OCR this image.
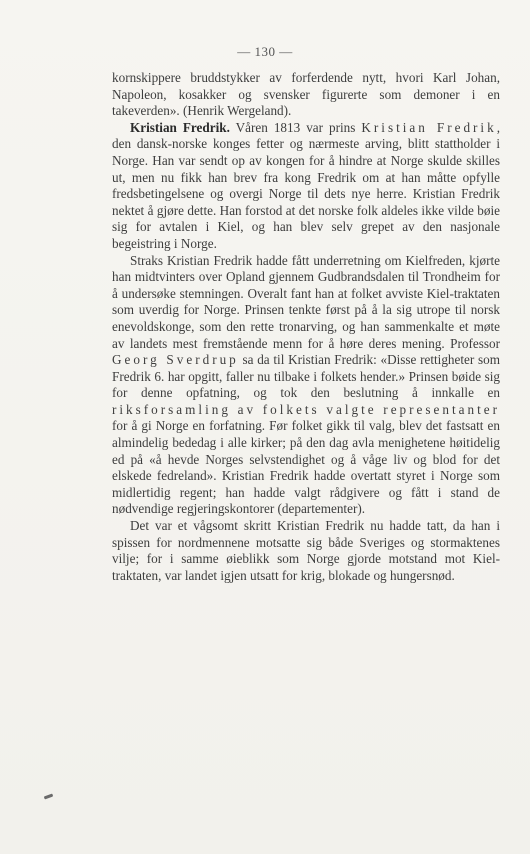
— 130 —

kornskippere bruddstykker av forferdende nytt, hvori Karl Johan, Napoleon, kosakker og svensker figurerte som demoner i en takeverden». (Henrik Wergeland).

Kristian Fredrik. Våren 1813 var prins Kristian Fredrik, den dansk-norske konges fetter og nærmeste arving, blitt stattholder i Norge. Han var sendt op av kongen for å hindre at Norge skulde skilles ut, men nu fikk han brev fra kong Fredrik om at han måtte opfylle fredsbetingelsene og overgi Norge til dets nye herre. Kristian Fredrik nektet å gjøre dette. Han forstod at det norske folk aldeles ikke vilde bøie sig for avtalen i Kiel, og han blev selv grepet av den nasjonale begeistring i Norge.

Straks Kristian Fredrik hadde fått underretning om Kielfreden, kjørte han midtvinters over Opland gjennem Gudbrandsdalen til Trondheim for å undersøke stemningen. Overalt fant han at folket avviste Kiel-traktaten som uverdig for Norge. Prinsen tenkte først på å la sig utrope til norsk enevoldskonge, som den rette tronarving, og han sammenkalte et møte av landets mest fremstående menn for å høre deres mening. Professor Georg Sverdrup sa da til Kristian Fredrik: «Disse rettigheter som Fredrik 6. har opgitt, faller nu tilbake i folkets hender.» Prinsen bøide sig for denne opfatning, og tok den beslutning å innkalle en riksforsamling av folkets valgte representanter for å gi Norge en forfatning. Før folket gikk til valg, blev det fastsatt en almindelig bededag i alle kirker; på den dag avla menighetene høitidelig ed på «å hevde Norges selvstendighet og å våge liv og blod for det elskede fedreland». Kristian Fredrik hadde overtatt styret i Norge som midlertidig regent; han hadde valgt rådgivere og fått i stand de nødvendige regjeringskontorer (departementer).

Det var et vågsomt skritt Kristian Fredrik nu hadde tatt, da han i spissen for nordmennene motsatte sig både Sveriges og stormaktenes vilje; for i samme øieblikk som Norge gjorde motstand mot Kiel-traktaten, var landet igjen utsatt for krig, blokade og hungersnød.
